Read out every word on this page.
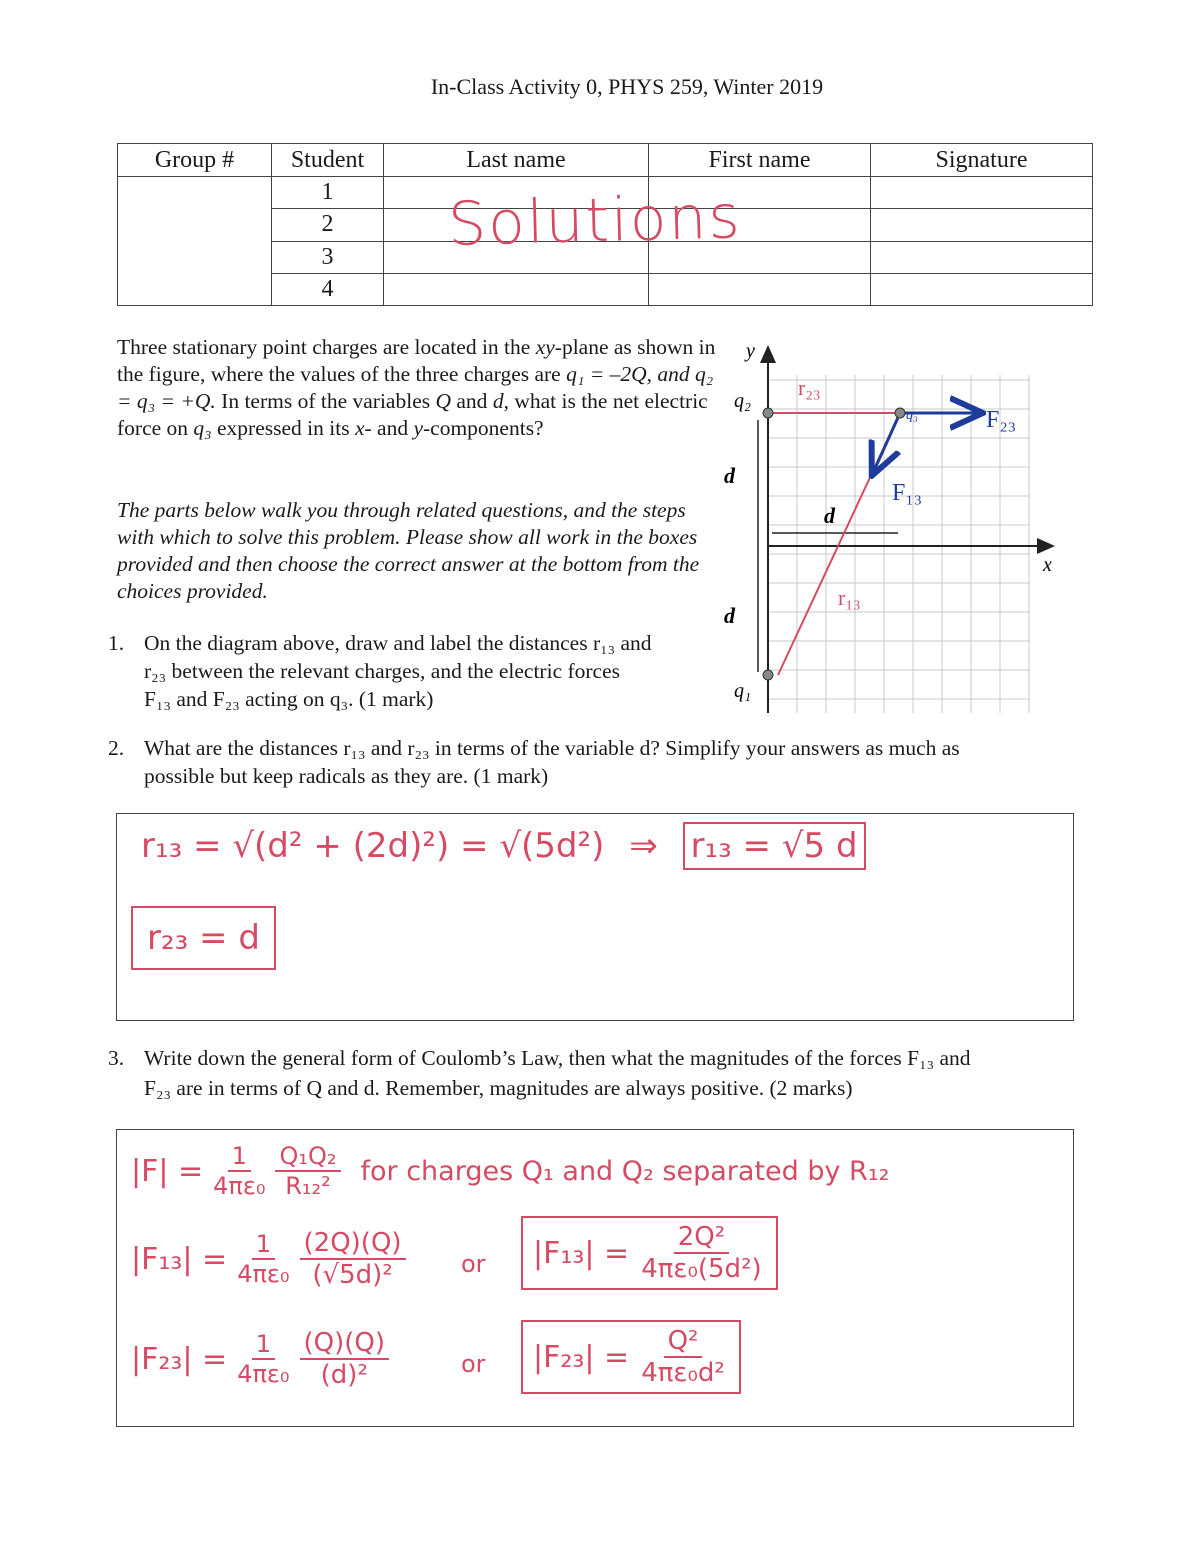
In-Class Activity 0, PHYS 259, Winter 2019
Group #	Student	Last name	First name	Signature
	1			
	2			
	3			
	4			
Solutions
Three stationary point charges are located in the xy-plane as shown in the figure, where the values of the three charges are q₁ = –2Q, and q₂ = q₃ = +Q. In terms of the variables Q and d, what is the net electric force on q₃ expressed in its x- and y-components?
The parts below walk you through related questions, and the steps with which to solve this problem. Please show all work in the boxes provided and then choose the correct answer at the bottom from the choices provided.
y
x
q₂
q₁
q₃
d
d
d
r₂₃
r₁₃
F₂₃
F₁₃
1. On the diagram above, draw and label the distances r₁₃ and
r₂₃ between the relevant charges, and the electric forces
F₁₃ and F₂₃ acting on q₃. (1 mark)
2. What are the distances r₁₃ and r₂₃ in terms of the variable d? Simplify your answers as much as
possible but keep radicals as they are. (1 mark)
r₁₃ = √(d² + (2d)²) = √(5d²) ⇒ r₁₃ = √5 d
r₂₃ = d
3. Write down the general form of Coulomb’s Law, then what the magnitudes of the forces F₁₃ and
F₂₃ are in terms of Q and d. Remember, magnitudes are always positive. (2 marks)
$|F| = \frac{1}{\text{4πε₀}} \frac{\text{Q₁Q₂}}{\text{R₁₂²}}$ for charges Q₁ and Q₂ separated by R₁₂
$|F_{13}| = \frac{1}{\text{4πε₀}} \frac{(2Q)(Q)}{\text{(√5d)²}}$ or $|F_{13}| = \frac{\text{2Q²}}{\text{4πε₀(5d²)}}$
$|F_{23}| = \frac{1}{\text{4πε₀}} \frac{(Q)(Q)}{\text{(d)²}}$	or $|F_{23}| = \frac{\text{Q²}}{\text{4πε₀d²}}$
